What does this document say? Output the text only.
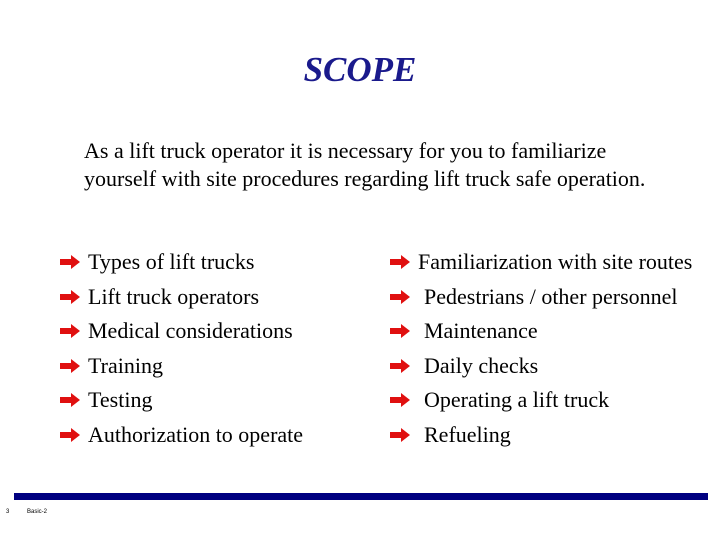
SCOPE
As a lift truck operator it is necessary for you to familiarize
yourself with site procedures regarding lift truck safe operation.
Types of lift trucks
Lift truck operators
Medical considerations
Training
Testing
Authorization to operate
Familiarization with site routes
Pedestrians / other personnel
Maintenance
Daily checks
Operating a lift truck
Refueling
3	Basic-2
